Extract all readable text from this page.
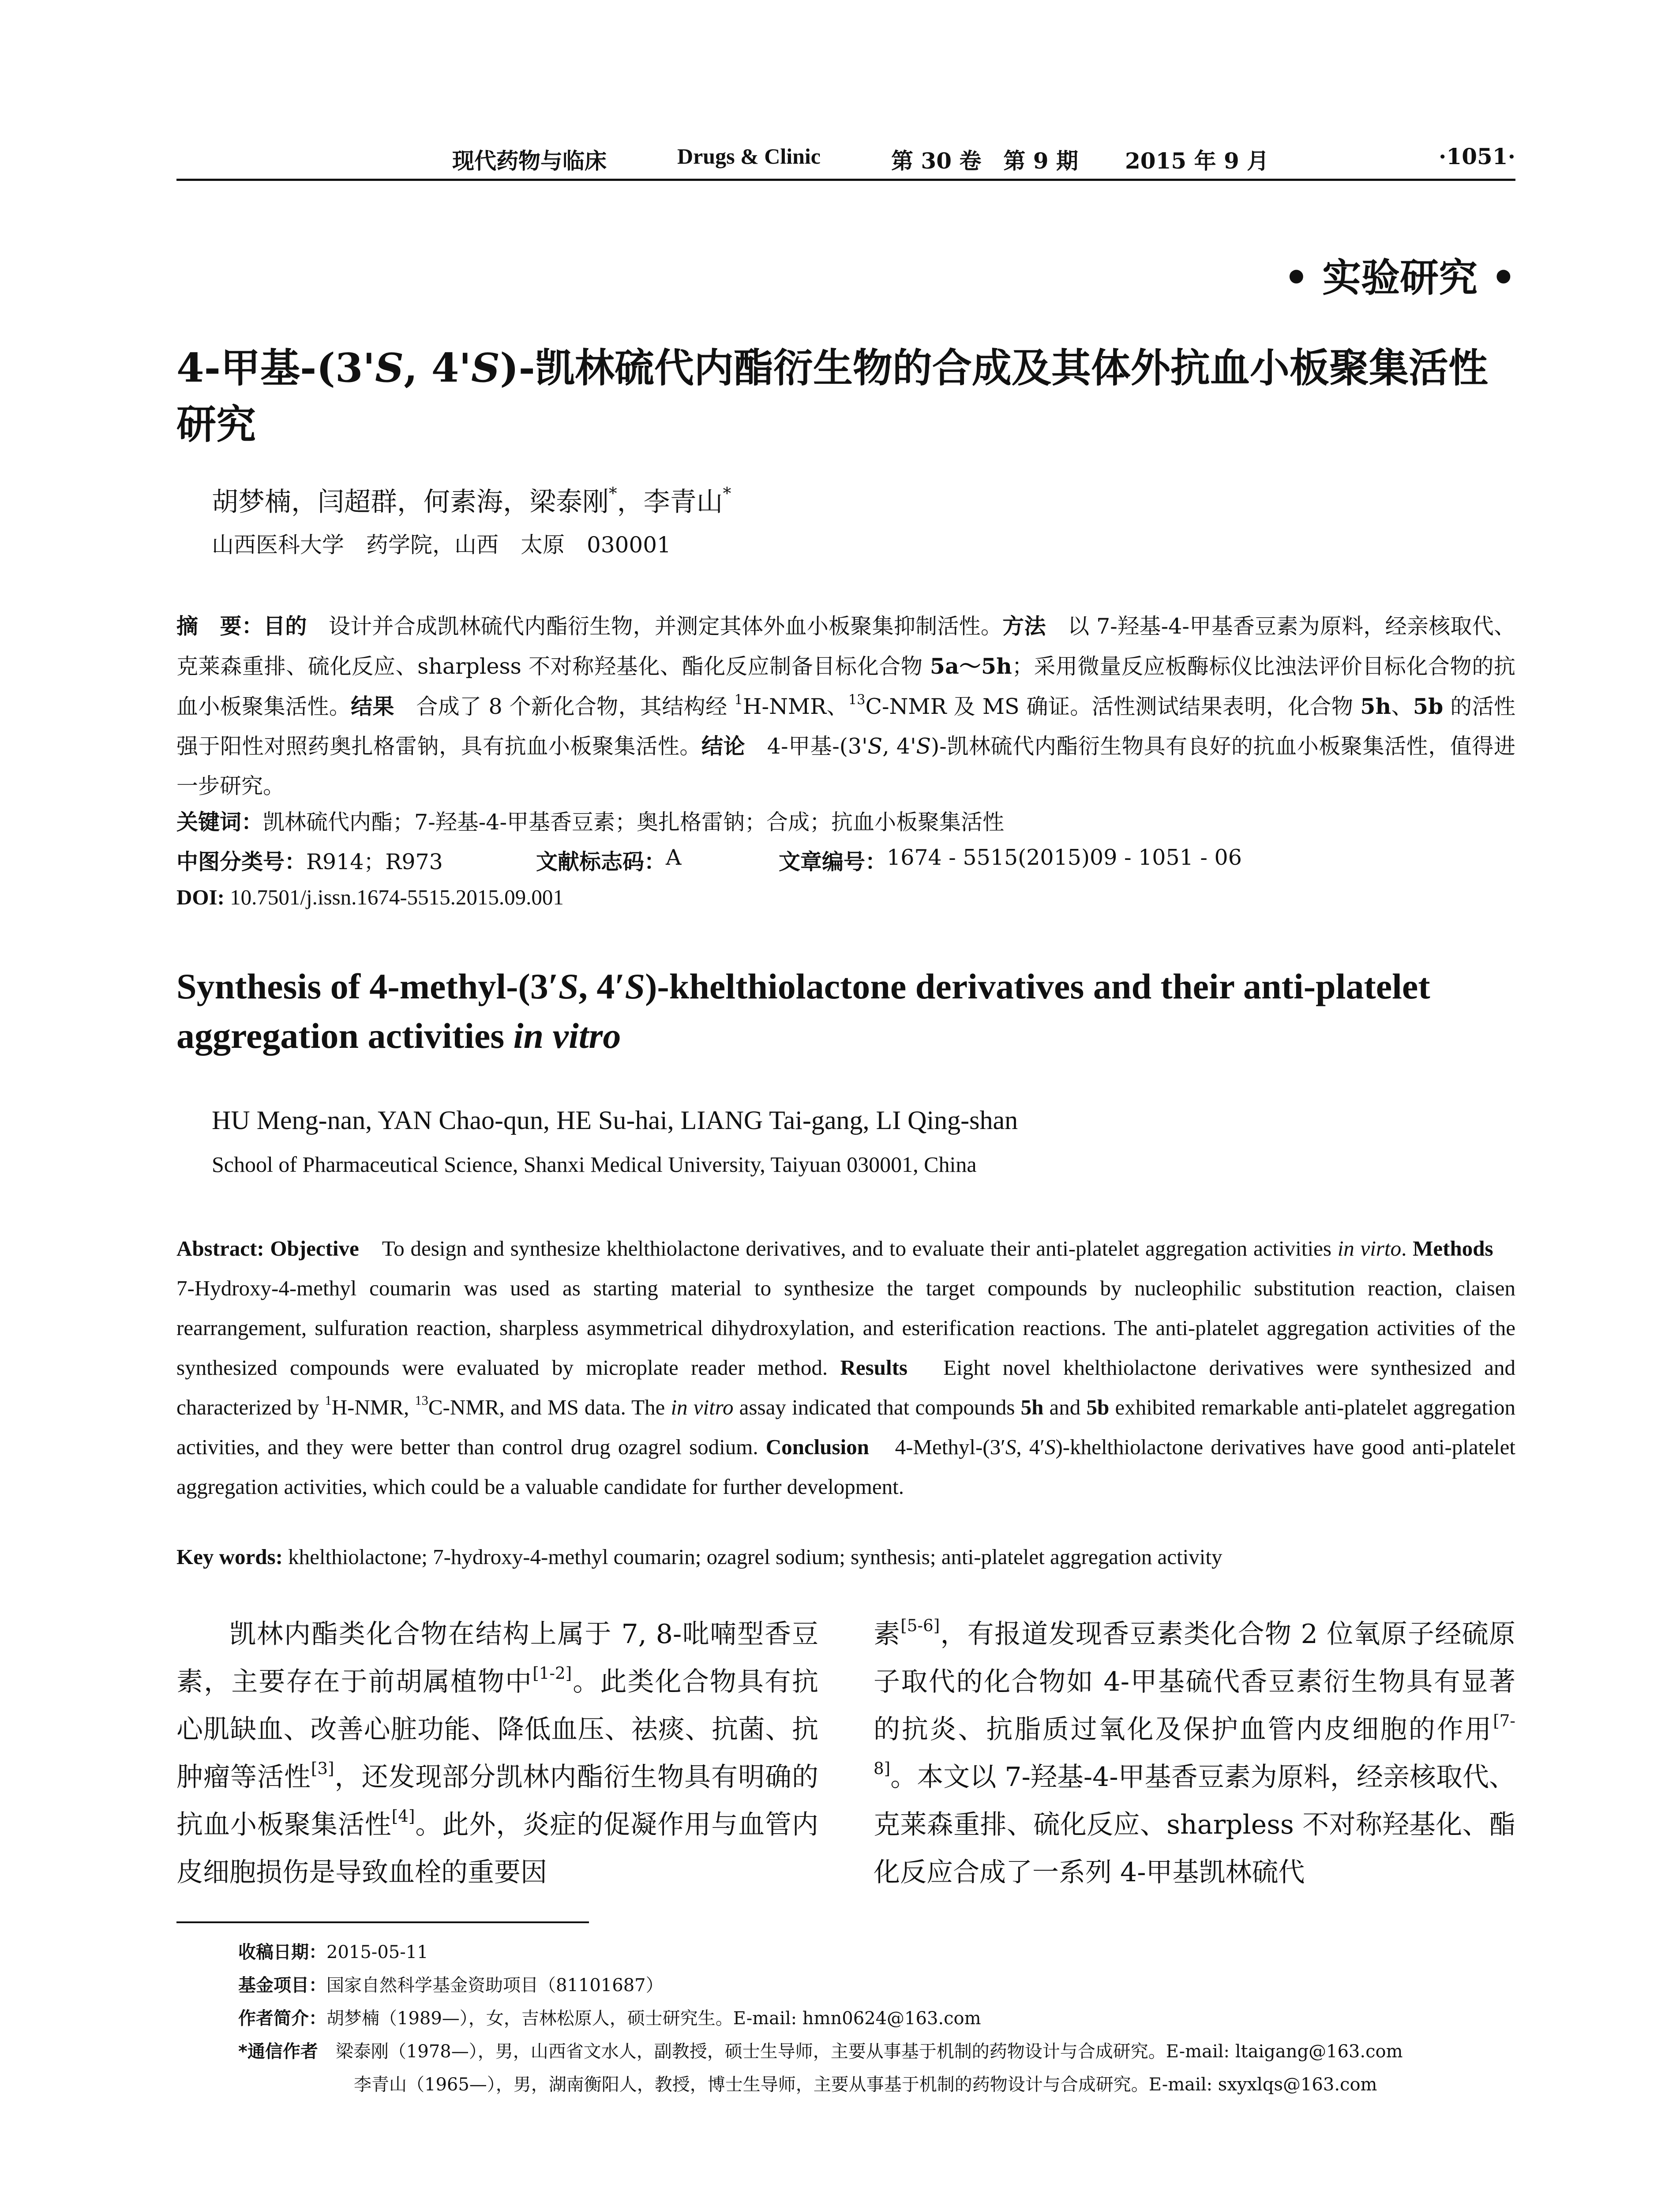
现代药物与临床	Drugs & Clinic	第 30 卷　第 9 期 2015 年 9 月	·1051·
• 实验研究 •
4-甲基-(3'S, 4'S)-凯林硫代内酯衍生物的合成及其体外抗血小板聚集活性研究
胡梦楠，闫超群，何素海，梁泰刚*，李青山*
山西医科大学　药学院，山西　太原　030001

摘　要：目的　设计并合成凯林硫代内酯衍生物，并测定其体外血小板聚集抑制活性。方法　以 7-羟基-4-甲基香豆素为原料，经亲核取代、克莱森重排、硫化反应、sharpless 不对称羟基化、酯化反应制备目标化合物 5a～5h；采用微量反应板酶标仪比浊法评价目标化合物的抗血小板聚集活性。结果　合成了 8 个新化合物，其结构经 $^1$H-NMR、$^{13}$C-NMR 及 MS 确证。活性测试结果表明，化合物 5h、5b 的活性强于阳性对照药奥扎格雷钠，具有抗血小板聚集活性。结论　4-甲基-(3'S, 4'S)-凯林硫代内酯衍生物具有良好的抗血小板聚集活性，值得进一步研究。

关键词：凯林硫代内酯；7-羟基-4-甲基香豆素；奥扎格雷钠；合成；抗血小板聚集活性
中图分类号： R914；R973	文献标志码： A	文章编号： 1674 - 5515(2015)09 - 1051 - 06
DOI: 10.7501/j.issn.1674-5515.2015.09.001
Synthesis of 4-methyl-(3′S, 4′S)-khelthiolactone derivatives and their anti-platelet aggregation activities in vitro
HU Meng-nan, YAN Chao-qun, HE Su-hai, LIANG Tai-gang, LI Qing-shan
School of Pharmaceutical Science, Shanxi Medical University, Taiyuan 030001, China

Abstract: Objective　To design and synthesize khelthiolactone derivatives, and to evaluate their anti-platelet aggregation activities in virto. Methods　7-Hydroxy-4-methyl coumarin was used as starting material to synthesize the target compounds by nucleophilic substitution reaction, claisen rearrangement, sulfuration reaction, sharpless asymmetrical dihydroxylation, and esterification reactions. The anti-platelet aggregation activities of the synthesized compounds were evaluated by microplate reader method. Results　Eight novel khelthiolactone derivatives were synthesized and characterized by $^1$H-NMR, $^{13}$C-NMR, and MS data. The in vitro assay indicated that compounds 5h and 5b exhibited remarkable anti-platelet aggregation activities, and they were better than control drug ozagrel sodium. Conclusion　4-Methyl-(3′S, 4′S)-khelthiolactone derivatives have good anti-platelet aggregation activities, which could be a valuable candidate for further development.

Key words: khelthiolactone; 7-hydroxy-4-methyl coumarin; ozagrel sodium; synthesis; anti-platelet aggregation activity

凯林内酯类化合物在结构上属于 7, 8-吡喃型香豆素，主要存在于前胡属植物中[1-2]。此类化合物具有抗心肌缺血、改善心脏功能、降低血压、祛痰、抗菌、抗肿瘤等活性[3]，还发现部分凯林内酯衍生物具有明确的抗血小板聚集活性[4]。此外，炎症的促凝作用与血管内皮细胞损伤是导致血栓的重要因

素[5-6]，有报道发现香豆素类化合物 2 位氧原子经硫原子取代的化合物如 4-甲基硫代香豆素衍生物具有显著的抗炎、抗脂质过氧化及保护血管内皮细胞的作用[7-8]。本文以 7-羟基-4-甲基香豆素为原料，经亲核取代、克莱森重排、硫化反应、sharpless 不对称羟基化、酯化反应合成了一系列 4-甲基凯林硫代

收稿日期：2015-05-11
基金项目：国家自然科学基金资助项目（81101687）
作者简介：胡梦楠（1989—），女，吉林松原人，硕士研究生。E-mail: hmn0624@163.com
*通信作者　梁泰刚（1978—），男，山西省文水人，副教授，硕士生导师，主要从事基于机制的药物设计与合成研究。E-mail: ltaigang@163.com
李青山（1965—），男，湖南衡阳人，教授，博士生导师，主要从事基于机制的药物设计与合成研究。E-mail: sxyxlqs@163.com
